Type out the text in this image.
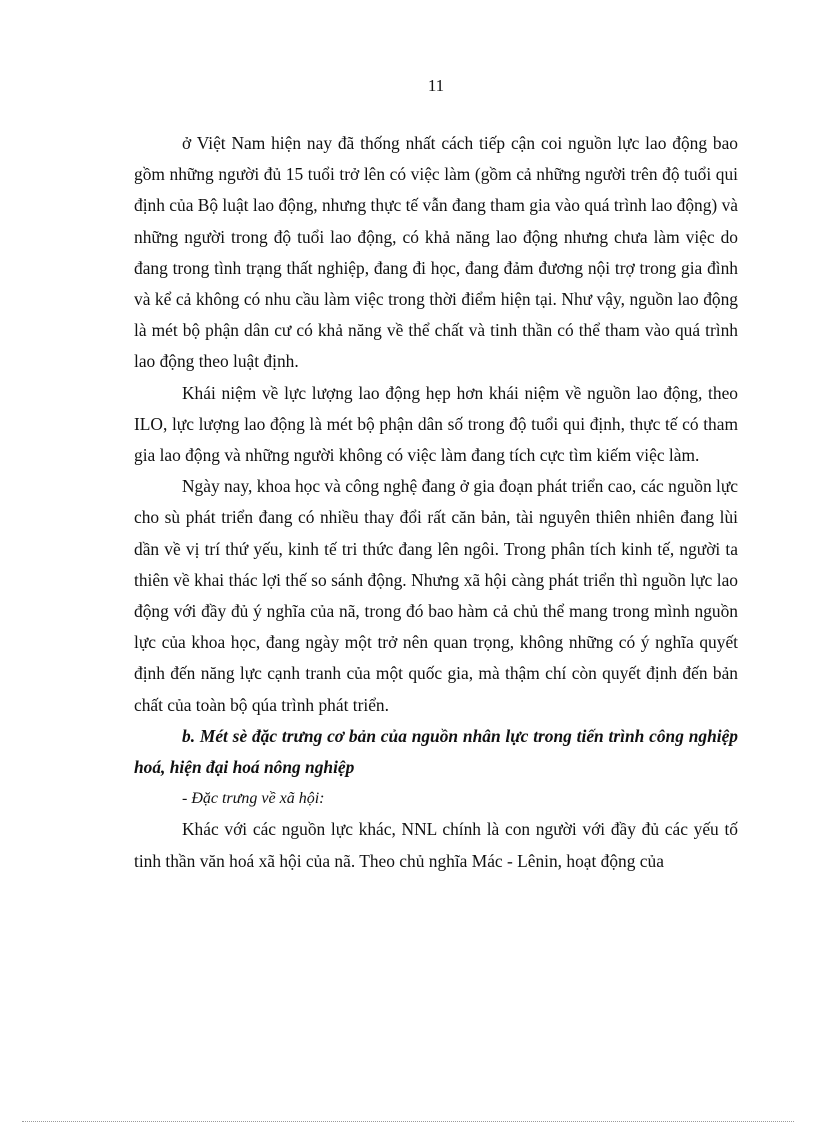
11

ở Việt Nam hiện nay đã thống nhất cách tiếp cận coi nguồn lực lao động bao gồm những người đủ 15 tuổi trở lên có việc làm (gồm cả những người trên độ tuổi qui định của Bộ luật lao động, nhưng thực tế vẫn đang tham gia vào quá trình lao động) và những người trong độ tuổi lao động, có khả năng lao động nhưng chưa làm việc do đang trong tình trạng thất nghiệp, đang đi học, đang đảm đương nội trợ trong gia đình và kể cả không có nhu cầu làm việc trong thời điểm hiện tại. Như vậy, nguồn lao động là mét bộ phận dân cư có khả năng về thể chất và tinh thần có thể tham vào quá trình lao động theo luật định.

Khái niệm về lực lượng lao động hẹp hơn khái niệm về nguồn lao động, theo ILO, lực lượng lao động là mét bộ phận dân số trong độ tuổi qui định, thực tế có tham gia lao động và những người không có việc làm đang tích cực tìm kiếm việc làm.

Ngày nay, khoa học và công nghệ đang ở gia đoạn phát triển cao, các nguồn lực cho sù phát triển đang có nhiều thay đổi rất căn bản, tài nguyên thiên nhiên đang lùi dần về vị trí thứ yếu, kinh tế tri thức đang lên ngôi. Trong phân tích kinh tế, người ta thiên về khai thác lợi thế so sánh động. Nhưng xã hội càng phát triển thì nguồn lực lao động với đầy đủ ý nghĩa của nã, trong đó bao hàm cả chủ thể mang trong mình nguồn lực của khoa học, đang ngày một trở nên quan trọng, không những có ý nghĩa quyết định đến năng lực cạnh tranh của một quốc gia, mà thậm chí còn quyết định đến bản chất của toàn bộ qúa trình phát triển.

b. Mét sè đặc trưng cơ bản của nguồn nhân lực trong tiến trình công nghiệp hoá, hiện đại hoá nông nghiệp

- Đặc trưng về xã hội:

Khác với các nguồn lực khác, NNL chính là con người với đầy đủ các yếu tố tinh thần văn hoá xã hội của nã. Theo chủ nghĩa Mác - Lênin, hoạt động của
